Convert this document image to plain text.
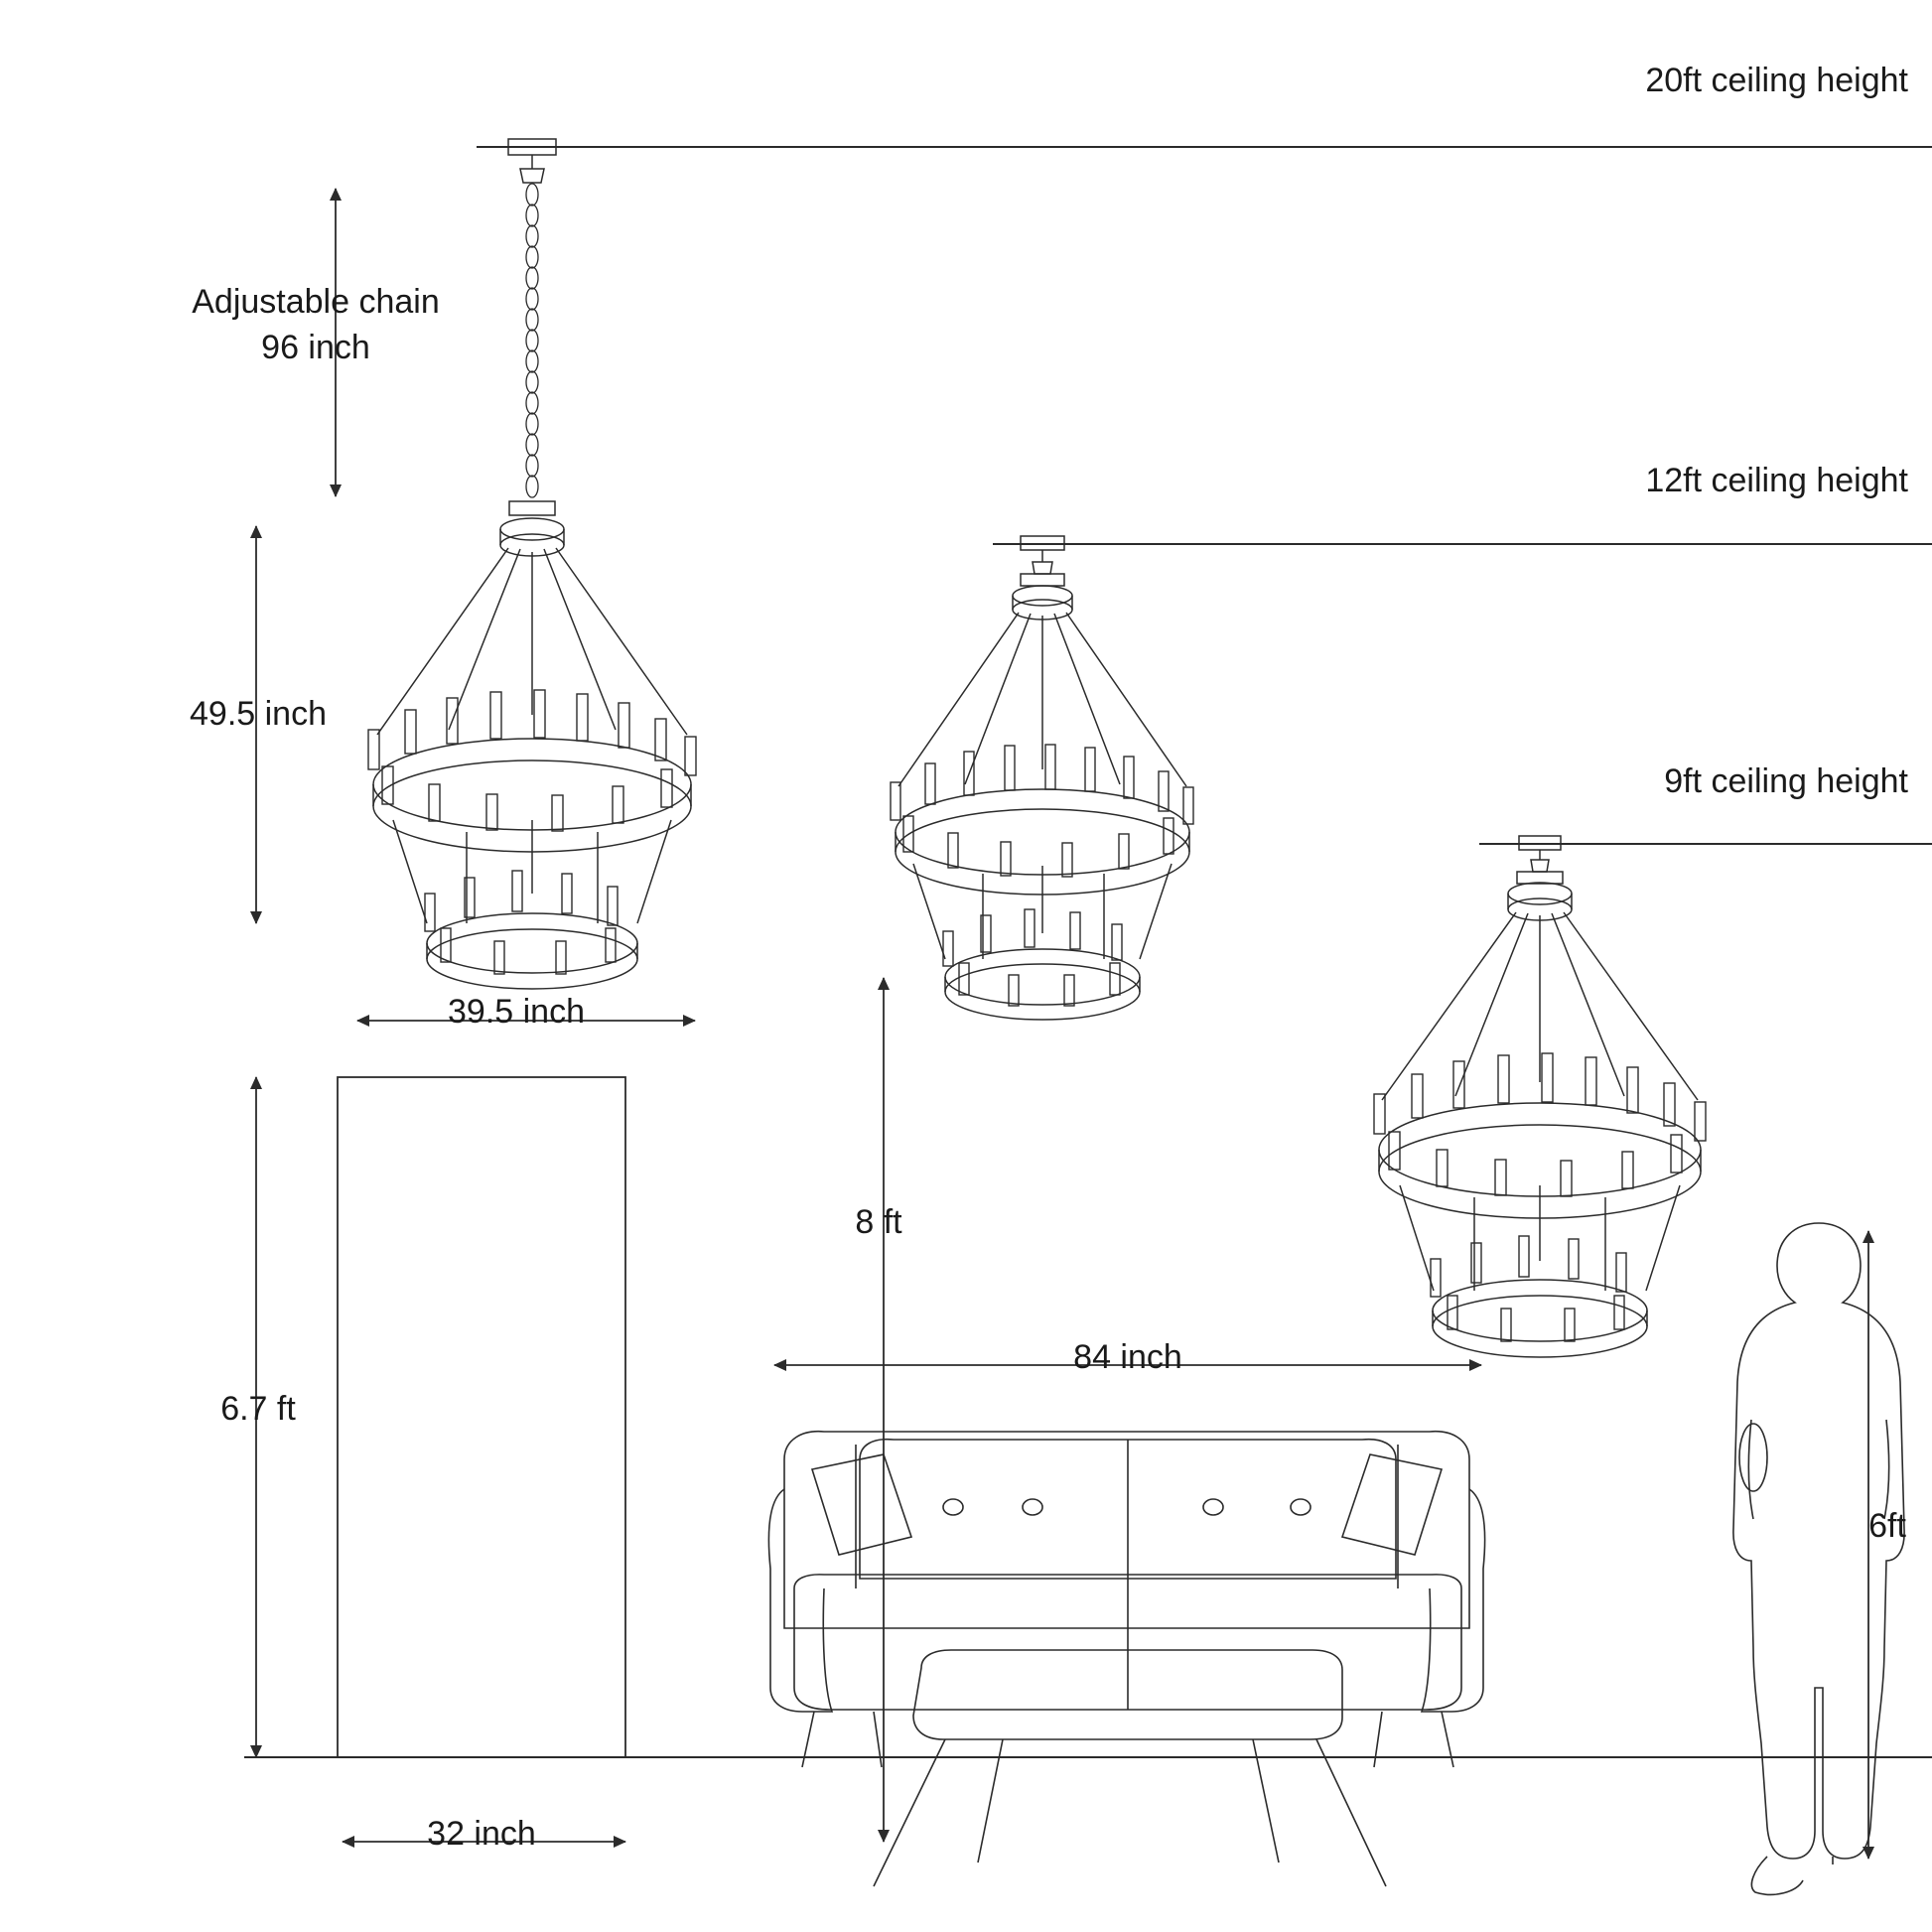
20ft ceiling height
12ft ceiling height
9ft ceiling height
Adjustable chain
96 inch
49.5 inch
39.5 inch
6.7 ft
32 inch
8 ft
84 inch
6ft
